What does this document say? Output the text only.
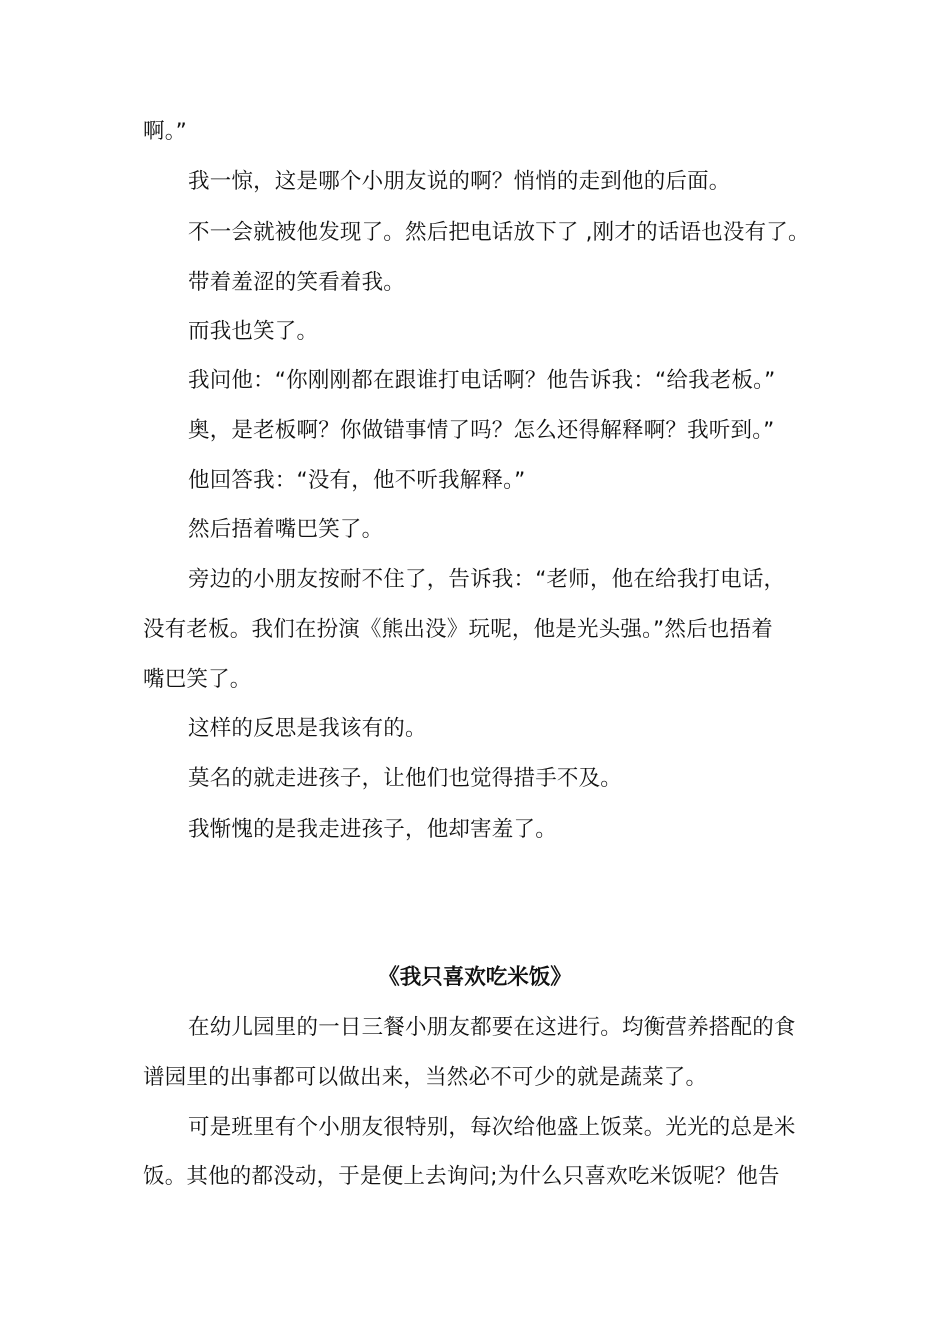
啊。”
我一惊，这是哪个小朋友说的啊？悄悄的走到他的后面。
不一会就被他发现了。然后把电话放下了 ,刚才的话语也没有了。
带着羞涩的笑看着我。
而我也笑了。
我问他：“你刚刚都在跟谁打电话啊？他告诉我：“给我老板。”
奥，是老板啊？你做错事情了吗？怎么还得解释啊？我听到。”
他回答我：“没有，他不听我解释。”
然后捂着嘴巴笑了。
旁边的小朋友按耐不住了，告诉我：“老师，他在给我打电话，
没有老板。我们在扮演《熊出没》玩呢，他是光头强。”然后也捂着
嘴巴笑了。
这样的反思是我该有的。
莫名的就走进孩子，让他们也觉得措手不及。
我惭愧的是我走进孩子，他却害羞了。
《我只喜欢吃米饭》
在幼儿园里的一日三餐小朋友都要在这进行。均衡营养搭配的食
谱园里的出事都可以做出来，当然必不可少的就是蔬菜了。
可是班里有个小朋友很特别，每次给他盛上饭菜。光光的总是米
饭。其他的都没动，于是便上去询问;为什么只喜欢吃米饭呢？他告
